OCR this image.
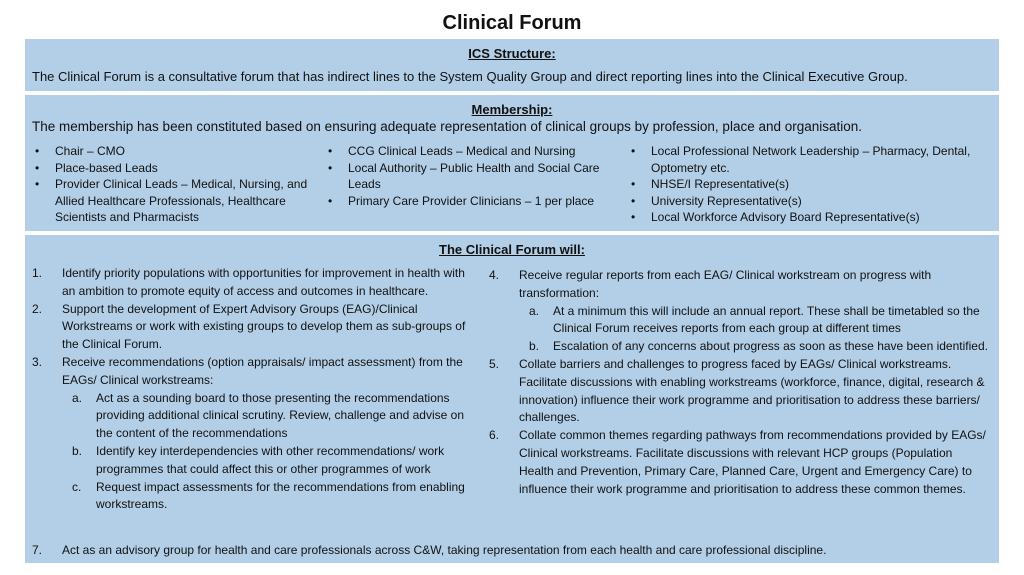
Clinical Forum
ICS Structure:
The Clinical Forum is a consultative forum that has indirect lines to the System Quality Group and direct reporting lines into the Clinical Executive Group.
Membership:
The membership has been constituted based on ensuring adequate representation of clinical groups by profession, place and organisation.
• Chair – CMO
• Place-based Leads
• Provider Clinical Leads – Medical, Nursing, and Allied Healthcare Professionals, Healthcare Scientists and Pharmacists
• CCG Clinical Leads – Medical and Nursing
• Local Authority – Public Health and Social Care Leads
• Primary Care Provider Clinicians – 1 per place
• Local Professional Network Leadership – Pharmacy, Dental, Optometry etc.
• NHSE/I Representative(s)
• University Representative(s)
• Local Workforce Advisory Board Representative(s)
The Clinical Forum will:
1. Identify priority populations with opportunities for improvement in health with an ambition to promote equity of access and outcomes in healthcare.
2. Support the development of Expert Advisory Groups (EAG)/Clinical Workstreams or work with existing groups to develop them as sub-groups of the Clinical Forum.
3. Receive recommendations (option appraisals/ impact assessment) from the EAGs/ Clinical workstreams:
a. Act as a sounding board to those presenting the recommendations providing additional clinical scrutiny. Review, challenge and advise on the content of the recommendations
b. Identify key interdependencies with other recommendations/ work programmes that could affect this or other programmes of work
c. Request impact assessments for the recommendations from enabling workstreams.
4. Receive regular reports from each EAG/ Clinical workstream on progress with transformation:
a. At a minimum this will include an annual report. These shall be timetabled so the Clinical Forum receives reports from each group at different times
b. Escalation of any concerns about progress as soon as these have been identified.
5. Collate barriers and challenges to progress faced by EAGs/ Clinical workstreams. Facilitate discussions with enabling workstreams (workforce, finance, digital, research & innovation) influence their work programme and prioritisation to address these barriers/ challenges.
6. Collate common themes regarding pathways from recommendations provided by EAGs/ Clinical workstreams. Facilitate discussions with relevant HCP groups (Population Health and Prevention, Primary Care, Planned Care, Urgent and Emergency Care) to influence their work programme and prioritisation to address these common themes.
7. Act as an advisory group for health and care professionals across C&W, taking representation from each health and care professional discipline.
